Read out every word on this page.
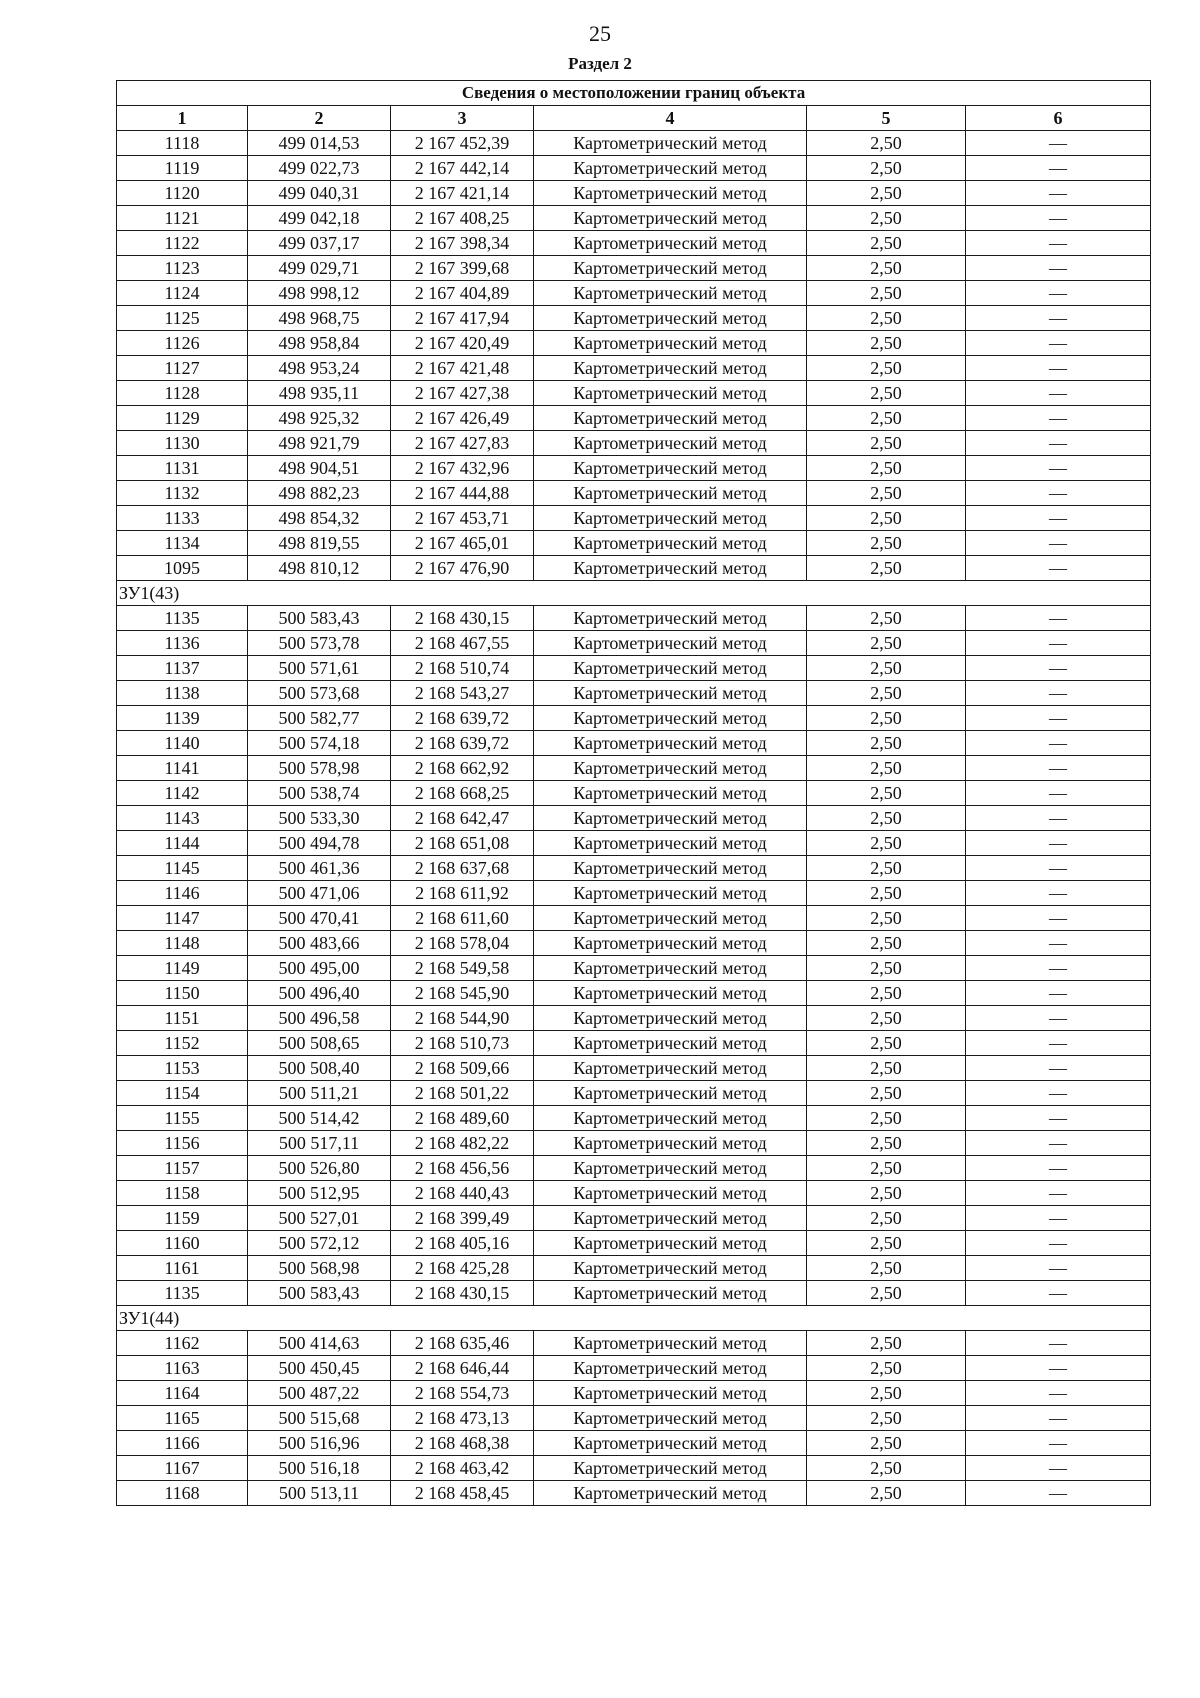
25
Раздел 2
Сведения о местоположении границ объекта					
1	2	3	4	5	6
1118	499 014,53	2 167 452,39	Картометрический метод	2,50	—
1119	499 022,73	2 167 442,14	Картометрический метод	2,50	—
1120	499 040,31	2 167 421,14	Картометрический метод	2,50	—
1121	499 042,18	2 167 408,25	Картометрический метод	2,50	—
1122	499 037,17	2 167 398,34	Картометрический метод	2,50	—
1123	499 029,71	2 167 399,68	Картометрический метод	2,50	—
1124	498 998,12	2 167 404,89	Картометрический метод	2,50	—
1125	498 968,75	2 167 417,94	Картометрический метод	2,50	—
1126	498 958,84	2 167 420,49	Картометрический метод	2,50	—
1127	498 953,24	2 167 421,48	Картометрический метод	2,50	—
1128	498 935,11	2 167 427,38	Картометрический метод	2,50	—
1129	498 925,32	2 167 426,49	Картометрический метод	2,50	—
1130	498 921,79	2 167 427,83	Картометрический метод	2,50	—
1131	498 904,51	2 167 432,96	Картометрический метод	2,50	—
1132	498 882,23	2 167 444,88	Картометрический метод	2,50	—
1133	498 854,32	2 167 453,71	Картометрический метод	2,50	—
1134	498 819,55	2 167 465,01	Картометрический метод	2,50	—
1095	498 810,12	2 167 476,90	Картометрический метод	2,50	—
ЗУ1(43)					
1135	500 583,43	2 168 430,15	Картометрический метод	2,50	—
1136	500 573,78	2 168 467,55	Картометрический метод	2,50	—
1137	500 571,61	2 168 510,74	Картометрический метод	2,50	—
1138	500 573,68	2 168 543,27	Картометрический метод	2,50	—
1139	500 582,77	2 168 639,72	Картометрический метод	2,50	—
1140	500 574,18	2 168 639,72	Картометрический метод	2,50	—
1141	500 578,98	2 168 662,92	Картометрический метод	2,50	—
1142	500 538,74	2 168 668,25	Картометрический метод	2,50	—
1143	500 533,30	2 168 642,47	Картометрический метод	2,50	—
1144	500 494,78	2 168 651,08	Картометрический метод	2,50	—
1145	500 461,36	2 168 637,68	Картометрический метод	2,50	—
1146	500 471,06	2 168 611,92	Картометрический метод	2,50	—
1147	500 470,41	2 168 611,60	Картометрический метод	2,50	—
1148	500 483,66	2 168 578,04	Картометрический метод	2,50	—
1149	500 495,00	2 168 549,58	Картометрический метод	2,50	—
1150	500 496,40	2 168 545,90	Картометрический метод	2,50	—
1151	500 496,58	2 168 544,90	Картометрический метод	2,50	—
1152	500 508,65	2 168 510,73	Картометрический метод	2,50	—
1153	500 508,40	2 168 509,66	Картометрический метод	2,50	—
1154	500 511,21	2 168 501,22	Картометрический метод	2,50	—
1155	500 514,42	2 168 489,60	Картометрический метод	2,50	—
1156	500 517,11	2 168 482,22	Картометрический метод	2,50	—
1157	500 526,80	2 168 456,56	Картометрический метод	2,50	—
1158	500 512,95	2 168 440,43	Картометрический метод	2,50	—
1159	500 527,01	2 168 399,49	Картометрический метод	2,50	—
1160	500 572,12	2 168 405,16	Картометрический метод	2,50	—
1161	500 568,98	2 168 425,28	Картометрический метод	2,50	—
1135	500 583,43	2 168 430,15	Картометрический метод	2,50	—
ЗУ1(44)					
1162	500 414,63	2 168 635,46	Картометрический метод	2,50	—
1163	500 450,45	2 168 646,44	Картометрический метод	2,50	—
1164	500 487,22	2 168 554,73	Картометрический метод	2,50	—
1165	500 515,68	2 168 473,13	Картометрический метод	2,50	—
1166	500 516,96	2 168 468,38	Картометрический метод	2,50	—
1167	500 516,18	2 168 463,42	Картометрический метод	2,50	—
1168	500 513,11	2 168 458,45	Картометрический метод	2,50	—
